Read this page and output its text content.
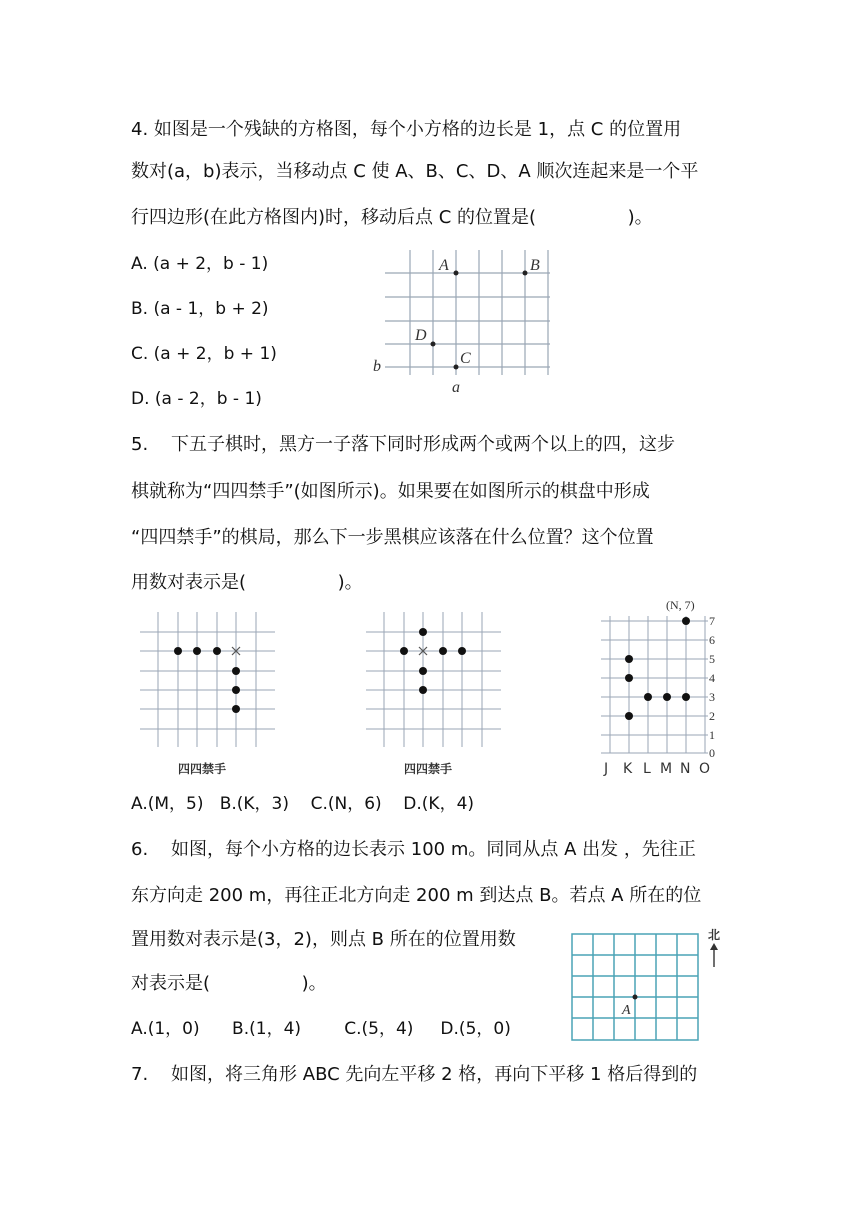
4. 如图是一个残缺的方格图，每个小方格的边长是 1，点 C 的位置用
数对(a，b)表示，当移动点 C 使 A、B、C、D、A 顺次连起来是一个平
行四边形(在此方格图内)时，移动后点 C 的位置是(                )。
A. (a + 2，b - 1)
B. (a - 1，b + 2)
C. (a + 2，b + 1)
D. (a - 2，b - 1)
A	B
D
C
b
a
5.    下五子棋时，黑方一子落下同时形成两个或两个以上的四，这步
棋就称为“四四禁手”(如图所示)。如果要在如图所示的棋盘中形成
“四四禁手”的棋局，那么下一步黑棋应该落在什么位置？这个位置
用数对表示是(                )。
四四禁手	四四禁手
(N, 7)
7
6
5
4
3
2
1
0
J K L M N O
A.(M，5)   B.(K，3)    C.(N，6)    D.(K，4)
6.    如图，每个小方格的边长表示 100 m。同同从点 A 出发 ，先往正
东方向走 200 m，再往正北方向走 200 m 到达点 B。若点 A 所在的位
置用数对表示是(3，2)，则点 B 所在的位置用数
对表示是(                )。
A.(1，0)      B.(1，4)        C.(5，4)     D.(5，0)
A
北
7.    如图，将三角形 ABC 先向左平移 2 格，再向下平移 1 格后得到的
